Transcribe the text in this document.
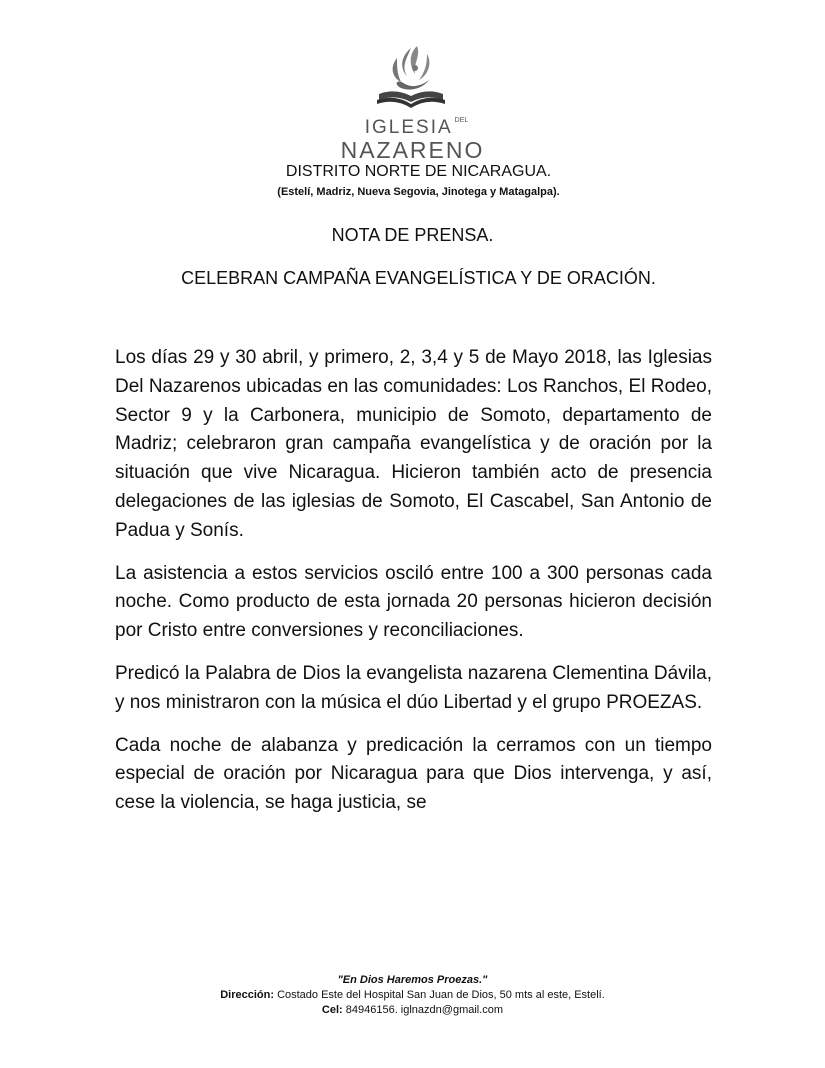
IGLESIA $^{DEL}$
NAZARENO
DISTRITO NORTE DE NICARAGUA.
(Estelí, Madriz, Nueva Segovia, Jinotega y Matagalpa).
NOTA DE PRENSA.
CELEBRAN CAMPAÑA EVANGELÍSTICA Y DE ORACIÓN.

Los días 29 y 30 abril, y primero, 2, 3,4 y 5 de Mayo 2018, las Iglesias Del Nazarenos ubicadas en las comunidades: Los Ranchos, El Rodeo, Sector 9 y la Carbonera, municipio de Somoto, departamento de Madriz; celebraron gran campaña evangelística y de oración por la situación que vive Nicaragua. Hicieron también acto de presencia delegaciones de las iglesias de Somoto, El Cascabel, San Antonio de Padua y Sonís.

La asistencia a estos servicios osciló entre 100 a 300 personas cada noche. Como producto de esta jornada 20 personas hicieron decisión por Cristo entre conversiones y reconciliaciones.

Predicó la Palabra de Dios la evangelista nazarena Clementina Dávila, y nos ministraron con la música el dúo Libertad y el grupo PROEZAS.

Cada noche de alabanza y predicación la cerramos con un tiempo especial de oración por Nicaragua para que Dios intervenga, y así, cese la violencia, se haga justicia, se

"En Dios Haremos Proezas."
Dirección: Costado Este del Hospital San Juan de Dios, 50 mts al este, Estelí.
Cel: 84946156. iglnazdn@gmail.com
